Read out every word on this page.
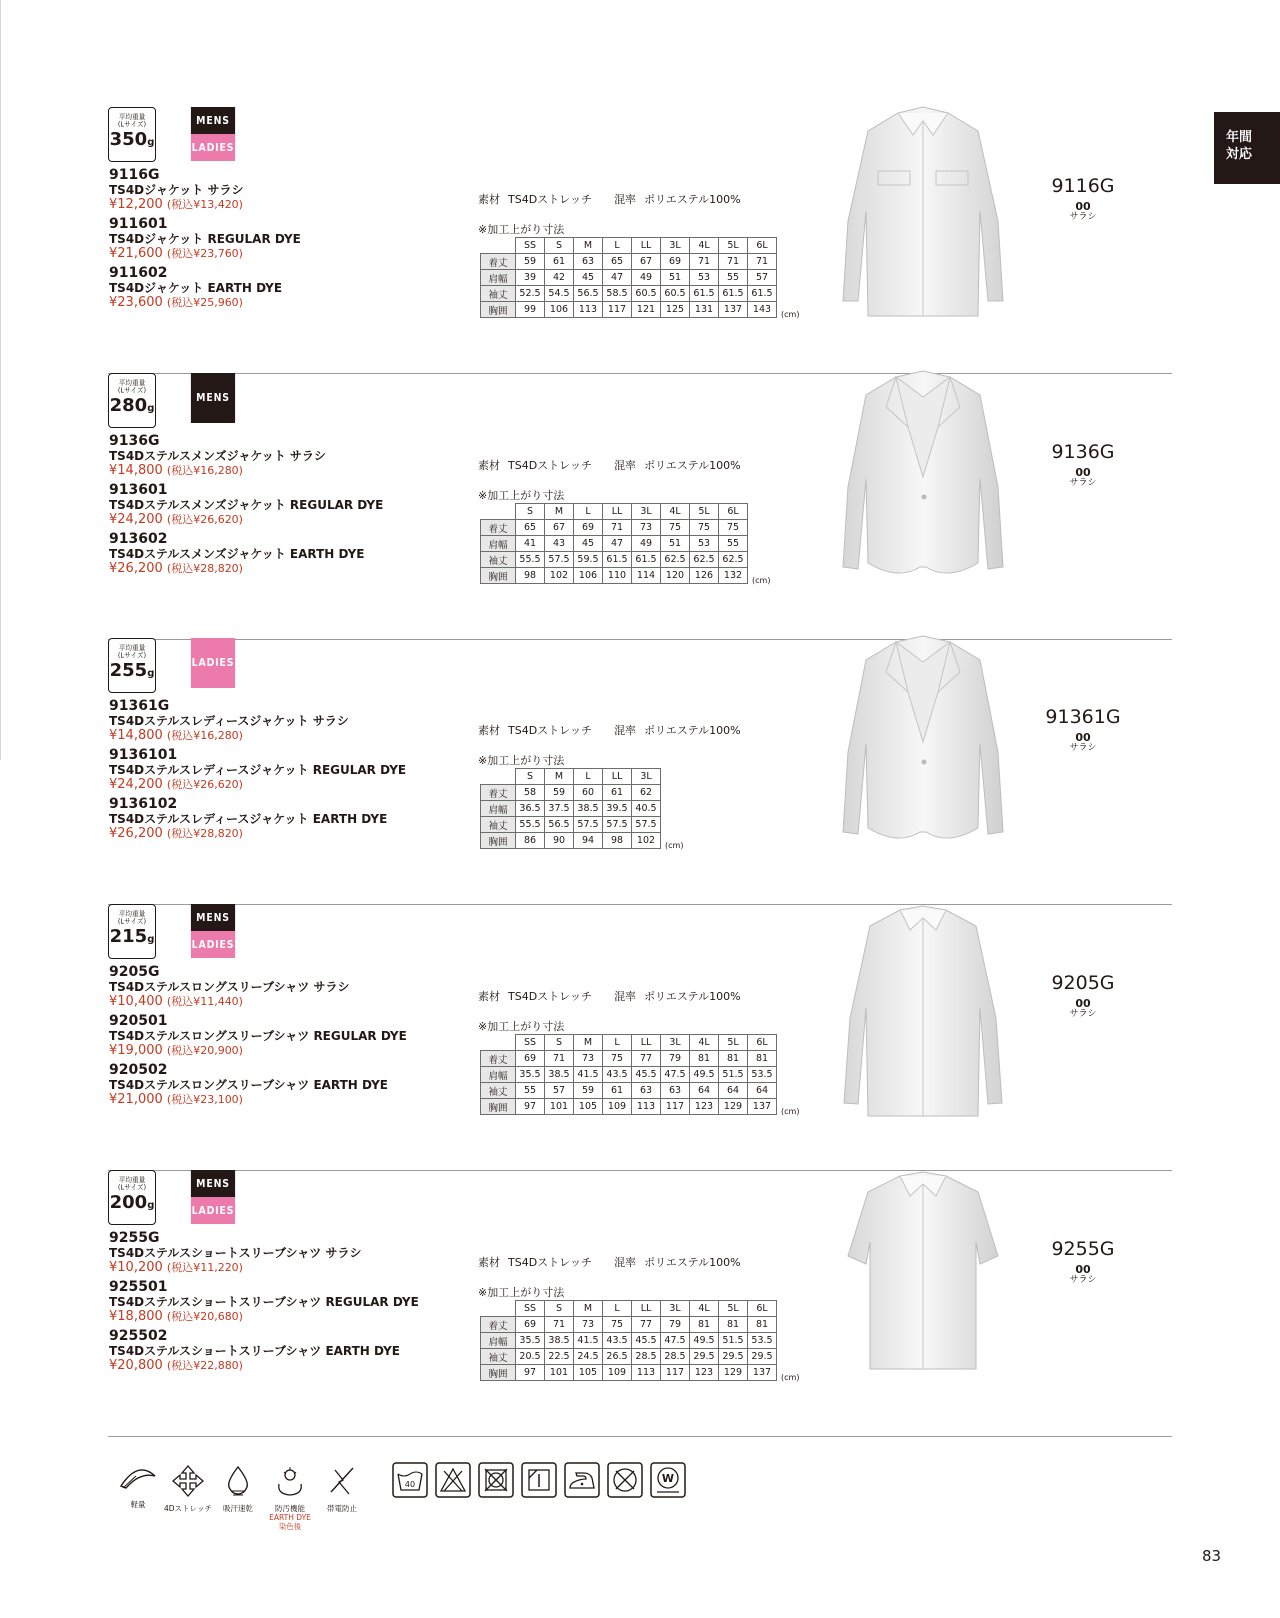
年間
対応
平均重量
(Lサイズ)
350g
MENS
LADIES
9116G
TS4Dジャケット サラシ
¥12,200 (税込¥13,420)
911601
TS4Dジャケット REGULAR DYE
¥21,600 (税込¥23,760)
911602
TS4Dジャケット EARTH DYE
¥23,600 (税込¥25,960)
素材 TS4Dストレッチ 混率 ポリエステル100%
※加工上がり寸法
	SS	S	M	L	LL	3L	4L	5L	6L
着丈	59	61	63	65	67	69	71	71	71
肩幅	39	42	45	47	49	51	53	55	57
袖丈	52.5	54.5	56.5	58.5	60.5	60.5	61.5	61.5	61.5
胸囲	99	106	113	117	121	125	131	137	143 (cm)
9116G
00
サラシ
平均重量
(Lサイズ)
280g
MENS
9136G
TS4Dステルスメンズジャケット サラシ
¥14,800 (税込¥16,280)
913601
TS4Dステルスメンズジャケット REGULAR DYE
¥24,200 (税込¥26,620)
913602
TS4Dステルスメンズジャケット EARTH DYE
¥26,200 (税込¥28,820)
素材 TS4Dストレッチ 混率 ポリエステル100%
※加工上がり寸法
	S	M	L	LL	3L	4L	5L	6L
着丈	65	67	69	71	73	75	75	75
肩幅	41	43	45	47	49	51	53	55
袖丈	55.5	57.5	59.5	61.5	61.5	62.5	62.5	62.5
胸囲	98	102	106	110	114	120	126	132 (cm)
9136G
00
サラシ
平均重量
(Lサイズ)
255g
LADIES
91361G
TS4Dステルスレディースジャケット サラシ
¥14,800 (税込¥16,280)
9136101
TS4Dステルスレディースジャケット REGULAR DYE
¥24,200 (税込¥26,620)
9136102
TS4Dステルスレディースジャケット EARTH DYE
¥26,200 (税込¥28,820)
素材 TS4Dストレッチ 混率 ポリエステル100%
※加工上がり寸法
	S	M	L	LL	3L
着丈	58	59	60	61	62
肩幅	36.5	37.5	38.5	39.5	40.5
袖丈	55.5	56.5	57.5	57.5	57.5
胸囲	86	90	94	98	102 (cm)
91361G
00
サラシ
平均重量
(Lサイズ)
215g
MENS
LADIES
9205G
TS4Dステルスロングスリーブシャツ サラシ
¥10,400 (税込¥11,440)
920501
TS4Dステルスロングスリーブシャツ REGULAR DYE
¥19,000 (税込¥20,900)
920502
TS4Dステルスロングスリーブシャツ EARTH DYE
¥21,000 (税込¥23,100)
素材 TS4Dストレッチ 混率 ポリエステル100%
※加工上がり寸法
	SS	S	M	L	LL	3L	4L	5L	6L
着丈	69	71	73	75	77	79	81	81	81
肩幅	35.5	38.5	41.5	43.5	45.5	47.5	49.5	51.5	53.5
袖丈	55	57	59	61	63	63	64	64	64
胸囲	97	101	105	109	113	117	123	129	137 (cm)
9205G
00
サラシ
平均重量
(Lサイズ)
200g
MENS
LADIES
9255G
TS4Dステルスショートスリーブシャツ サラシ
¥10,200 (税込¥11,220)
925501
TS4Dステルスショートスリーブシャツ REGULAR DYE
¥18,800 (税込¥20,680)
925502
TS4Dステルスショートスリーブシャツ EARTH DYE
¥20,800 (税込¥22,880)
素材 TS4Dストレッチ 混率 ポリエステル100%
※加工上がり寸法
	SS	S	M	L	LL	3L	4L	5L	6L
着丈	69	71	73	75	77	79	81	81	81
肩幅	35.5	38.5	41.5	43.5	45.5	47.5	49.5	51.5	53.5
袖丈	20.5	22.5	24.5	26.5	28.5	28.5	29.5	29.5	29.5
胸囲	97	101	105	109	113	117	123	129	137 (cm)
9255G
00
サラシ
軽量	4Dストレッチ	吸汗速乾	防汚機能
EARTH DYE
染色後
帯電防止
40	W
83
